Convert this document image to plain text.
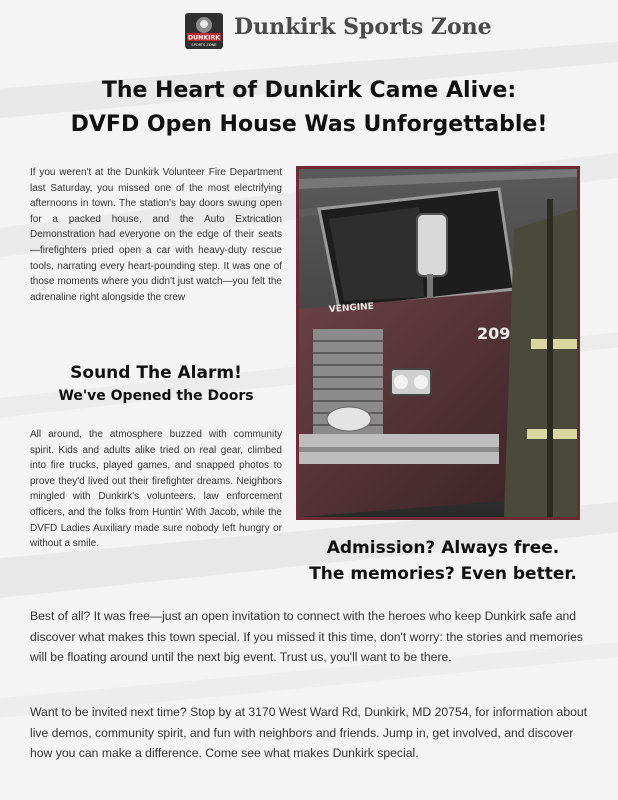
DUNKIRK
SPORTS ZONE
Dunkirk Sports Zone
The Heart of Dunkirk Came Alive:
DVFD Open House Was Unforgettable!

If you weren't at the Dunkirk Volunteer Fire Department last Saturday, you missed one of the most electrifying afternoons in town. The station's bay doors swung open for a packed house, and the Auto Extrication Demonstration had everyone on the edge of their seats—firefighters pried open a car with heavy-duty rescue tools, narrating every heart-pounding step. It was one of those moments where you didn't just watch—you felt the adrenaline right alongside the crew

Sound The Alarm!
We've Opened the Doors

All around, the atmosphere buzzed with community spirit. Kids and adults alike tried on real gear, climbed into fire trucks, played games, and snapped photos to prove they'd lived out their firefighter dreams. Neighbors mingled with Dunkirk's volunteers, law enforcement officers, and the folks from Huntin' With Jacob, while the DVFD Ladies Auxiliary made sure nobody left hungry or without a smile.

209
VENGINE
Admission? Always free.
The memories? Even better.

Best of all? It was free—just an open invitation to connect with the heroes who keep Dunkirk safe and discover what makes this town special. If you missed it this time, don't worry: the stories and memories will be floating around until the next big event. Trust us, you'll want to be there.

Want to be invited next time? Stop by at 3170 West Ward Rd, Dunkirk, MD 20754, for information about live demos, community spirit, and fun with neighbors and friends. Jump in, get involved, and discover how you can make a difference. Come see what makes Dunkirk special.
